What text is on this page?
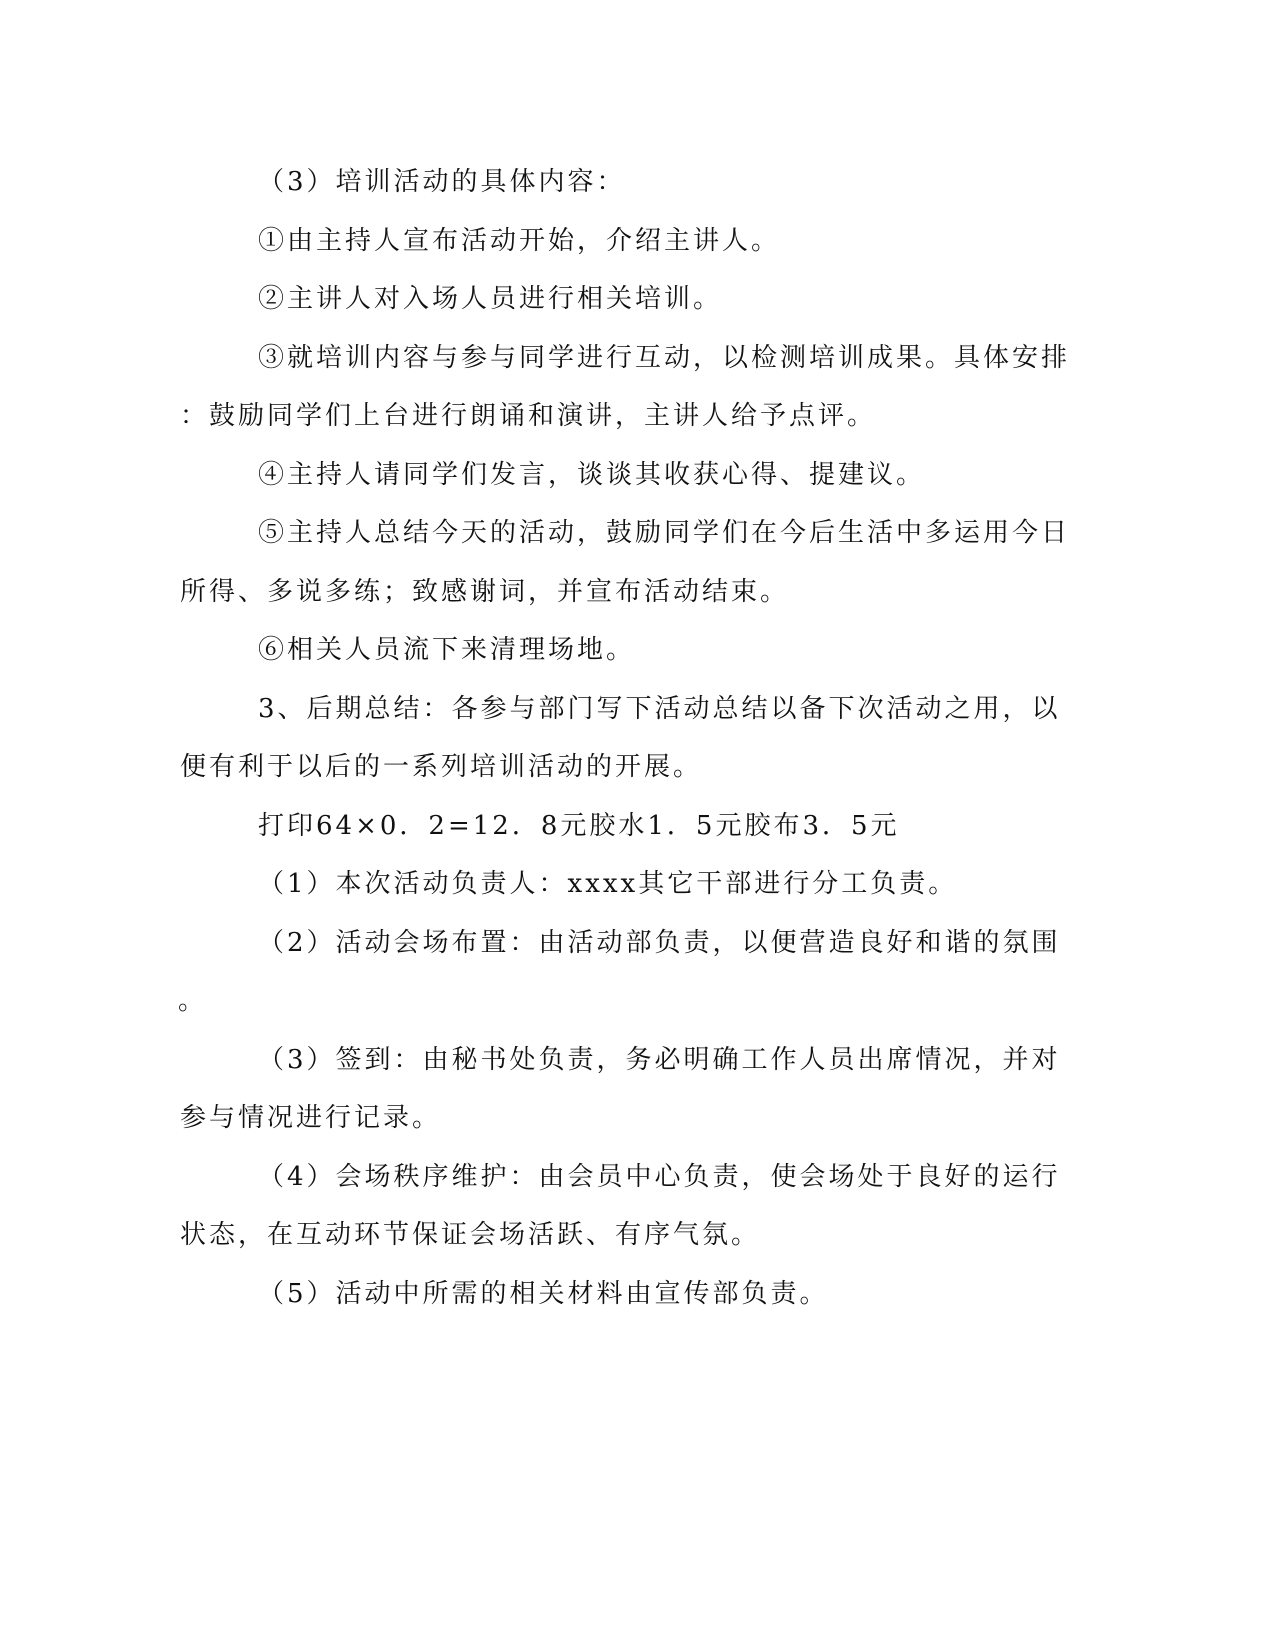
（3）培训活动的具体内容：
①由主持人宣布活动开始，介绍主讲人。
②主讲人对入场人员进行相关培训。
③就培训内容与参与同学进行互动，以检测培训成果。具体安排
：鼓励同学们上台进行朗诵和演讲，主讲人给予点评。
④主持人请同学们发言，谈谈其收获心得、提建议。
⑤主持人总结今天的活动，鼓励同学们在今后生活中多运用今日
所得、多说多练；致感谢词，并宣布活动结束。
⑥相关人员流下来清理场地。
3、后期总结：各参与部门写下活动总结以备下次活动之用，以
便有利于以后的一系列培训活动的开展。
打印64×0．2=12．8元胶水1．5元胶布3．5元
（1）本次活动负责人：xxxx其它干部进行分工负责。
（2）活动会场布置：由活动部负责，以便营造良好和谐的氛围
。
（3）签到：由秘书处负责，务必明确工作人员出席情况，并对
参与情况进行记录。
（4）会场秩序维护：由会员中心负责，使会场处于良好的运行
状态，在互动环节保证会场活跃、有序气氛。
（5）活动中所需的相关材料由宣传部负责。
